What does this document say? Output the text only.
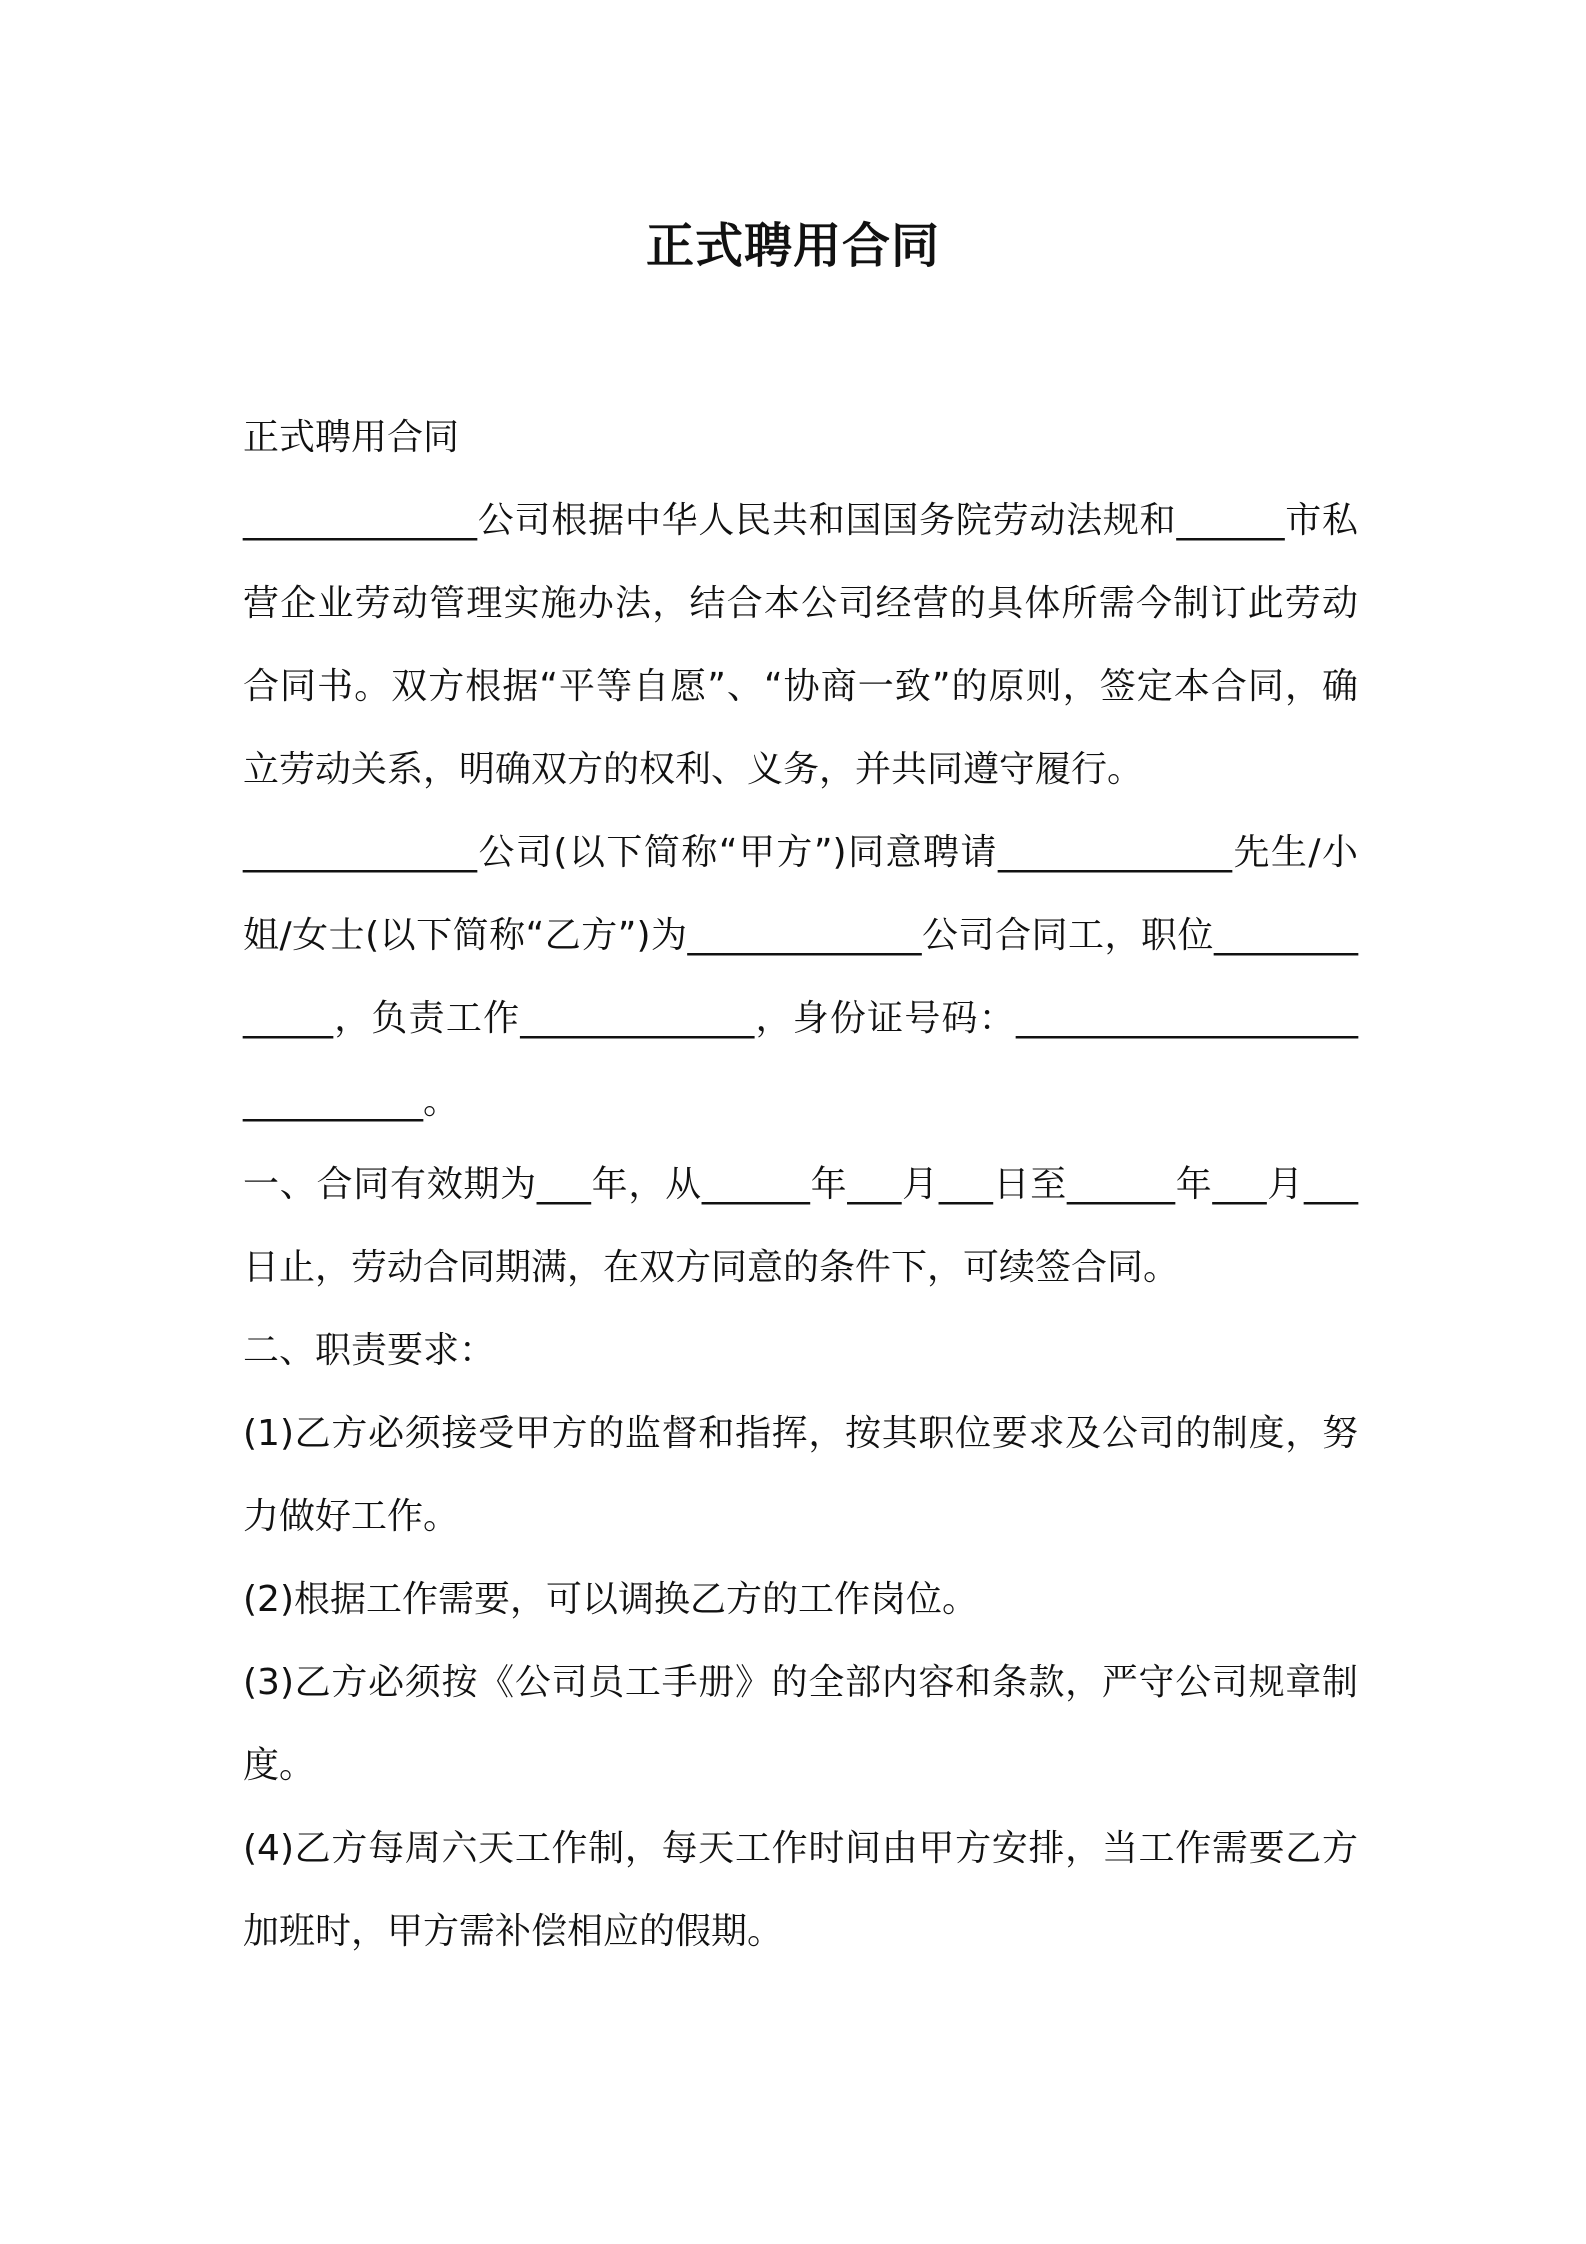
正式聘用合同

正式聘用合同

_____________公司根据中华人民共和国国务院劳动法规和______市私营企业劳动管理实施办法，结合本公司经营的具体所需今制订此劳动合同书。双方根据“平等自愿”、“协商一致”的原则，签定本合同，确立劳动关系，明确双方的权利、义务，并共同遵守履行。

_____________公司(以下简称“甲方”)同意聘请_____________先生/小姐/女士(以下简称“乙方”)为_____________公司合同工，职位_____________，负责工作_____________，身份证号码：_____________________________。

一、合同有效期为___年，从______年___月___日至______年___月___日止，劳动合同期满，在双方同意的条件下，可续签合同。

二、职责要求：

(1)乙方必须接受甲方的监督和指挥，按其职位要求及公司的制度，努力做好工作。

(2)根据工作需要，可以调换乙方的工作岗位。

(3)乙方必须按《公司员工手册》的全部内容和条款，严守公司规章制度。

(4)乙方每周六天工作制，每天工作时间由甲方安排，当工作需要乙方加班时，甲方需补偿相应的假期。
